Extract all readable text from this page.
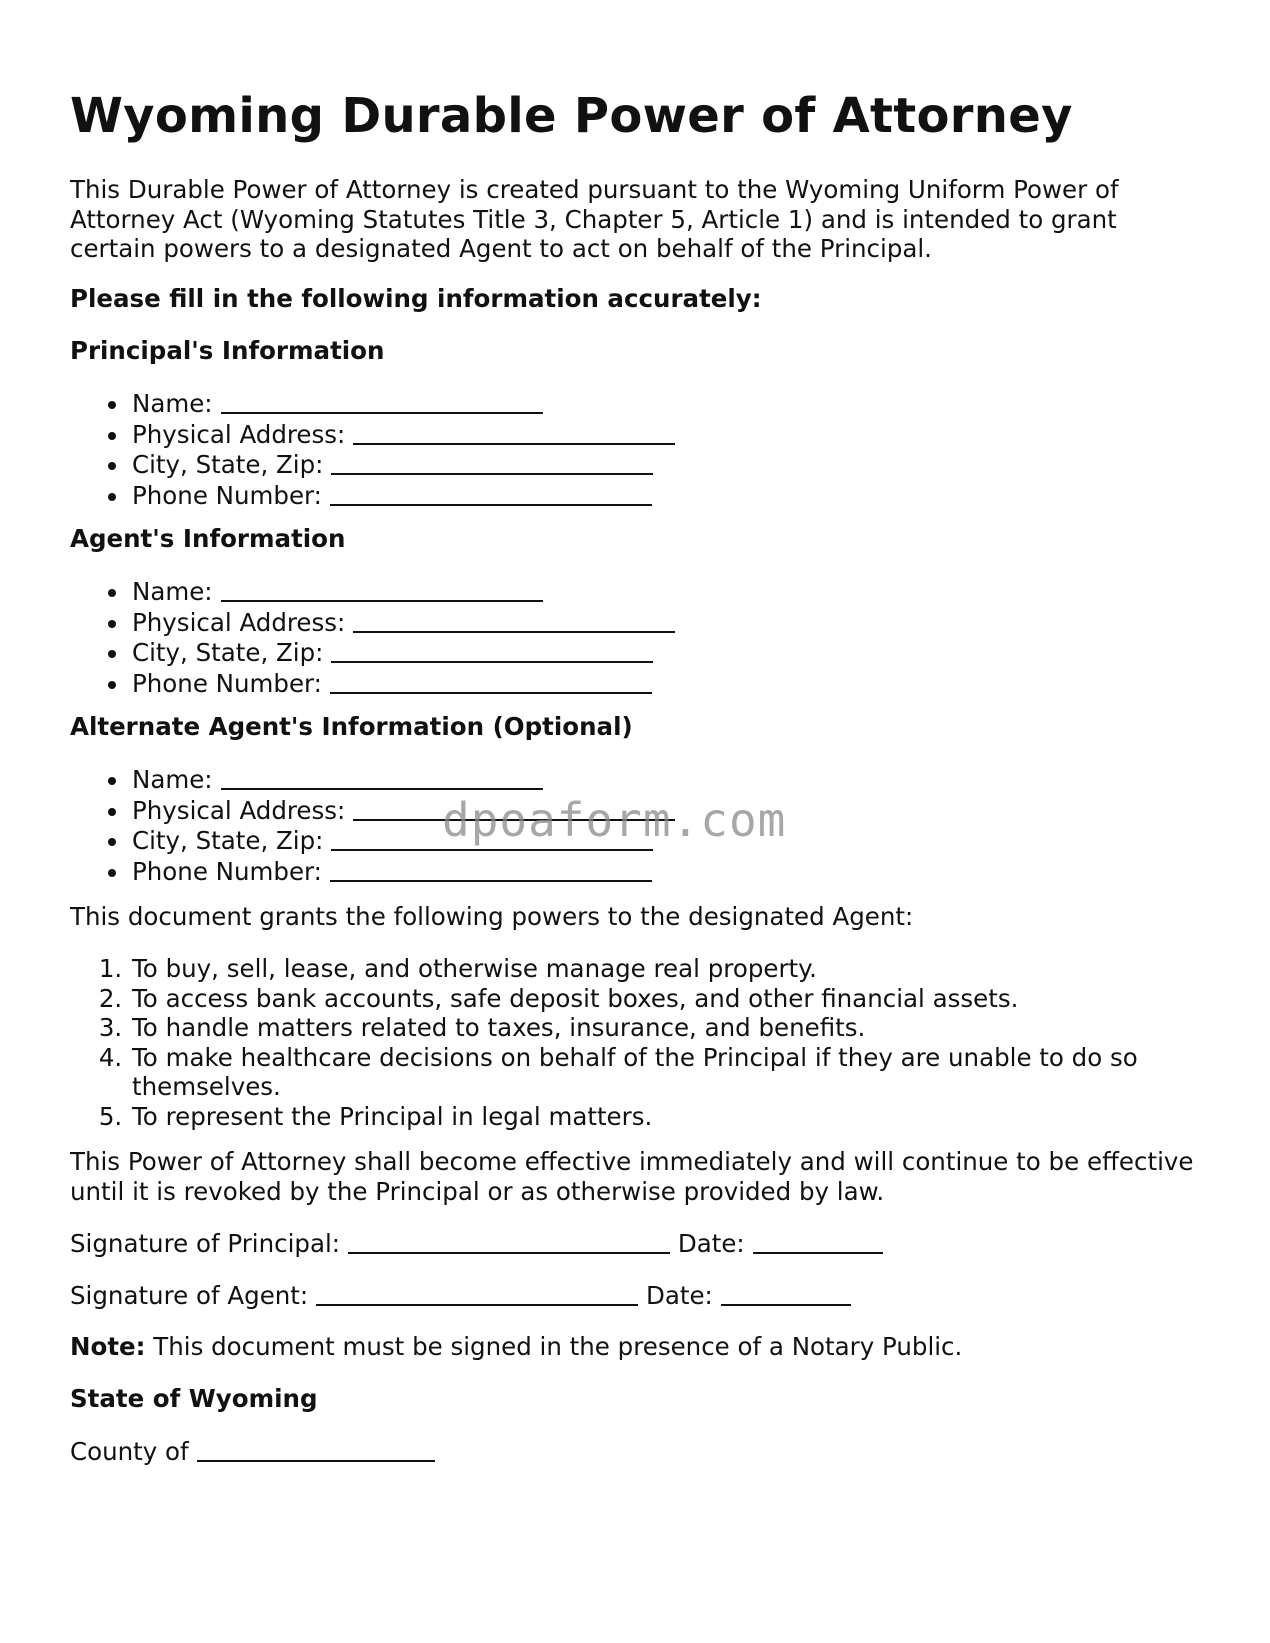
Wyoming Durable Power of Attorney

This Durable Power of Attorney is created pursuant to the Wyoming Uniform Power of Attorney Act (Wyoming Statutes Title 3, Chapter 5, Article 1) and is intended to grant certain powers to a designated Agent to act on behalf of the Principal.

Please fill in the following information accurately:

Principal's Information

• Name:
• Physical Address:
• City, State, Zip:
• Phone Number:

Agent's Information

• Name:
• Physical Address:
• City, State, Zip:
• Phone Number:

Alternate Agent's Information (Optional)

• Name:
• Physical Address:
• City, State, Zip:
• Phone Number:

This document grants the following powers to the designated Agent:

1. To buy, sell, lease, and otherwise manage real property.
2. To access bank accounts, safe deposit boxes, and other financial assets.
3. To handle matters related to taxes, insurance, and benefits.
4. To make healthcare decisions on behalf of the Principal if they are unable to do so themselves.
5. To represent the Principal in legal matters.

This Power of Attorney shall become effective immediately and will continue to be effective until it is revoked by the Principal or as otherwise provided by law.

Signature of Principal:	Date:

Signature of Agent:	Date:

Note: This document must be signed in the presence of a Notary Public.

State of Wyoming

County of

dpoaform.com
